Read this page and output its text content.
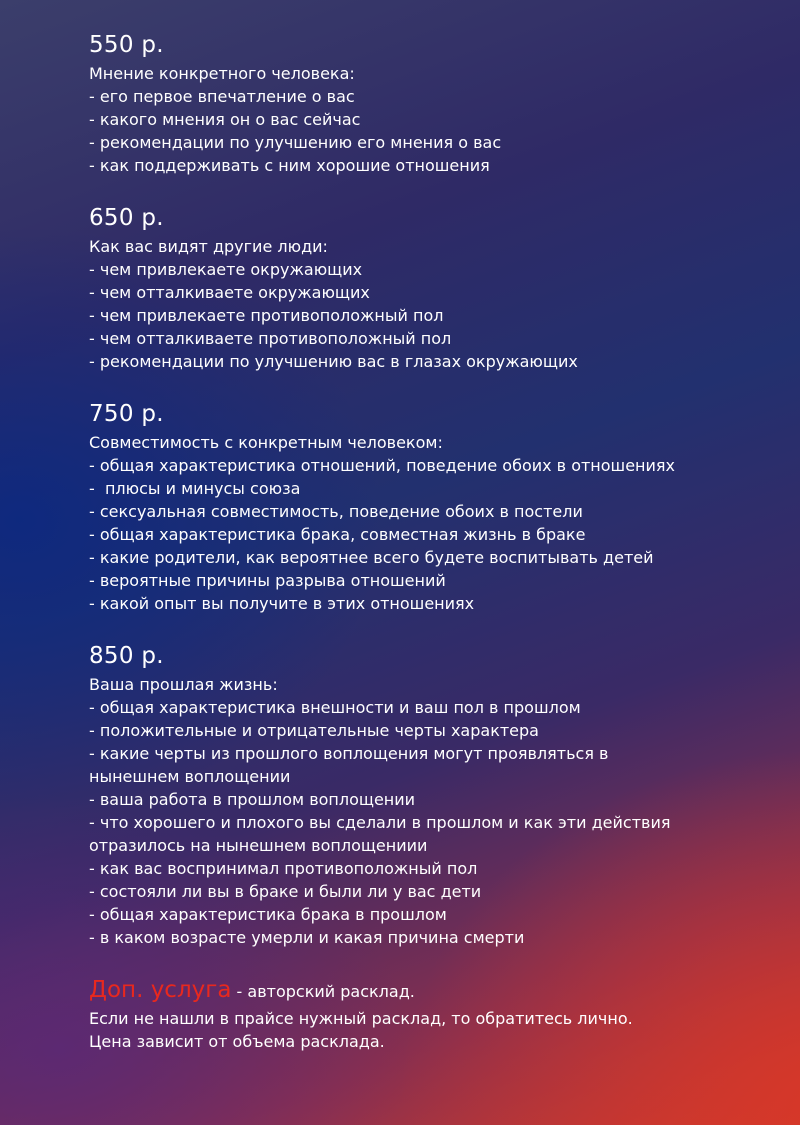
550 р.

Мнение конкретного человека:

- его первое впечатление о вас

- какого мнения он о вас сейчас

- рекомендации по улучшению его мнения о вас

- как поддерживать с ним хорошие отношения

650 р.

Как вас видят другие люди:

- чем привлекаете окружающих

- чем отталкиваете окружающих

- чем привлекаете противоположный пол

- чем отталкиваете противоположный пол

- рекомендации по улучшению вас в глазах окружающих

750 р.

Совместимость с конкретным человеком:

- общая характеристика отношений, поведение обоих в отношениях

-  плюсы и минусы союза

- сексуальная совместимость, поведение обоих в постели

- общая характеристика брака, совместная жизнь в браке

- какие родители, как вероятнее всего будете воспитывать детей

- вероятные причины разрыва отношений

- какой опыт вы получите в этих отношениях

850 р.

Ваша прошлая жизнь:

- общая характеристика внешности и ваш пол в прошлом

- положительные и отрицательные черты характера

- какие черты из прошлого воплощения могут проявляться в

нынешнем воплощении

- ваша работа в прошлом воплощении

- что хорошего и плохого вы сделали в прошлом и как эти действия

отразилось на нынешнем воплощениии

- как вас воспринимал противоположный пол

- состояли ли вы в браке и были ли у вас дети

- общая характеристика брака в прошлом

- в каком возрасте умерли и какая причина смерти

Доп. услуга - авторский расклад.

Если не нашли в прайсе нужный расклад, то обратитесь лично.

Цена зависит от объема расклада.
